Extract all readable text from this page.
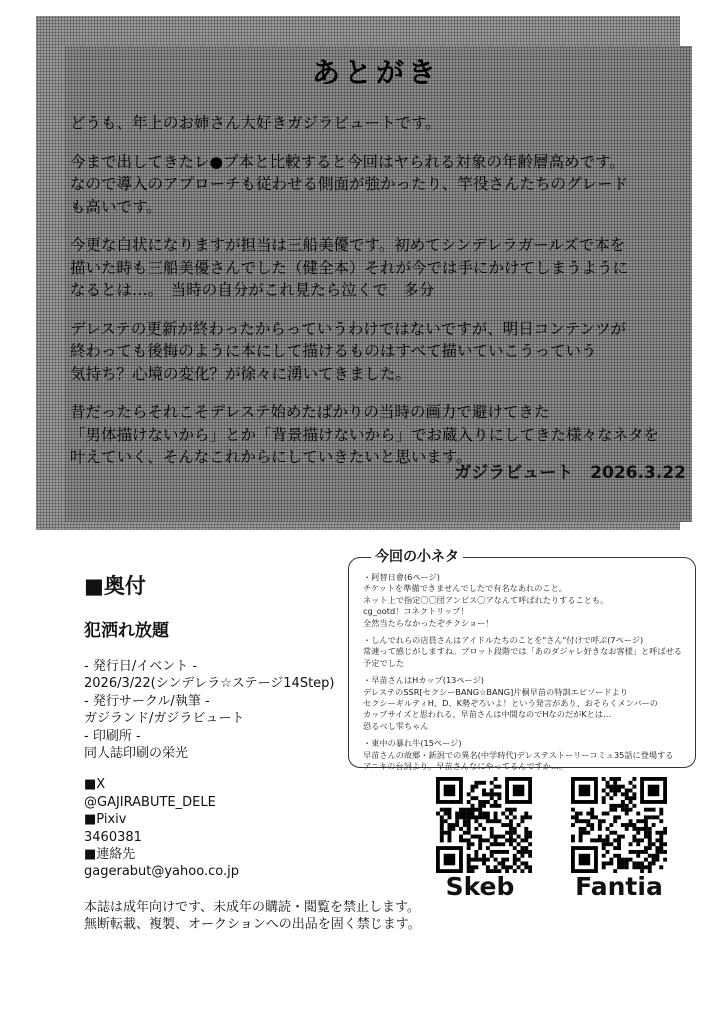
あとがき

どうも、年上のお姉さん大好きガジラビュートです。

今まで出してきたレ●プ本と比較すると今回はヤられる対象の年齢層高めです。
なので導入のアプローチも従わせる側面が強かったり、竿役さんたちのグレード
も高いです。

今更な白状になりますが担当は三船美優です。初めてシンデレラガールズで本を
描いた時も三船美優さんでした（健全本）それが今では手にかけてしまうように
なるとは…。　当時の自分がこれ見たら泣くで　多分

デレステの更新が終わったからっていうわけではないですが、明日コンテンツが
終わっても後悔のように本にして描けるものはすべて描いていこうっていう
気持ち？心境の変化？が徐々に湧いてきました。

昔だったらそれこそデレステ始めたばかりの当時の画力で避けてきた
「男体描けないから」とか「背景描けないから」でお蔵入りにしてきた様々なネタを
叶えていく、そんなこれからにしていきたいと思います。

ガジラビュート　2026.3.22
■奥付
犯洒れ放題
- 発行日/イベント -
2026/3/22(シンデレラ☆ステージ14Step)
- 発行サークル/執筆 -
ガジランド/ガジラビュート
- 印刷所 -
同人誌印刷の栄光
■X
@GAJIRABUTE_DELE
■Pixiv
3460381
■連絡先
gagerabut@yahoo.co.jp
本誌は成年向けです、未成年の購読・閲覧を禁止します。
無断転載、複製、オークションへの出品を固く禁じます。
今回の小ネタ
・阿替日會(6ページ)
チケットを準備できませんでしたで有名なあれのこと。
ネット上で指定〇〇団アンビス〇アなんて呼ばれたりすることも。
cg_ootd！コネクトリップ！
全然当たらなかったぞチクショー！
・しんでれらの店員さんはアイドルたちのことを"さん"付けで呼ぶ(7ページ)
常連って感じがしますね。プロット段階では「あのダジャレ好きなお客様」と呼ばせる
予定でした
・早苗さんはHカップ(13ページ)
デレステのSSR[セクシーBANG☆BANG]片桐早苗の特訓エピソードより
セクシーギルティH、D、K勢ぞろいよ！という発言があり、おそらくメンバーの
カップサイズと思われる、早苗さんは中間なのでHなのだがKとは…
恐るべし雫ちゃん
・東中の暴れ牛(15ページ)
早苗さんの故郷・新潟での異名(中学時代)デレステストーリーコミュ35話に登場する
アニキの台詞より。早苗さんなにやってるんですか…。
Skeb	Fantia
